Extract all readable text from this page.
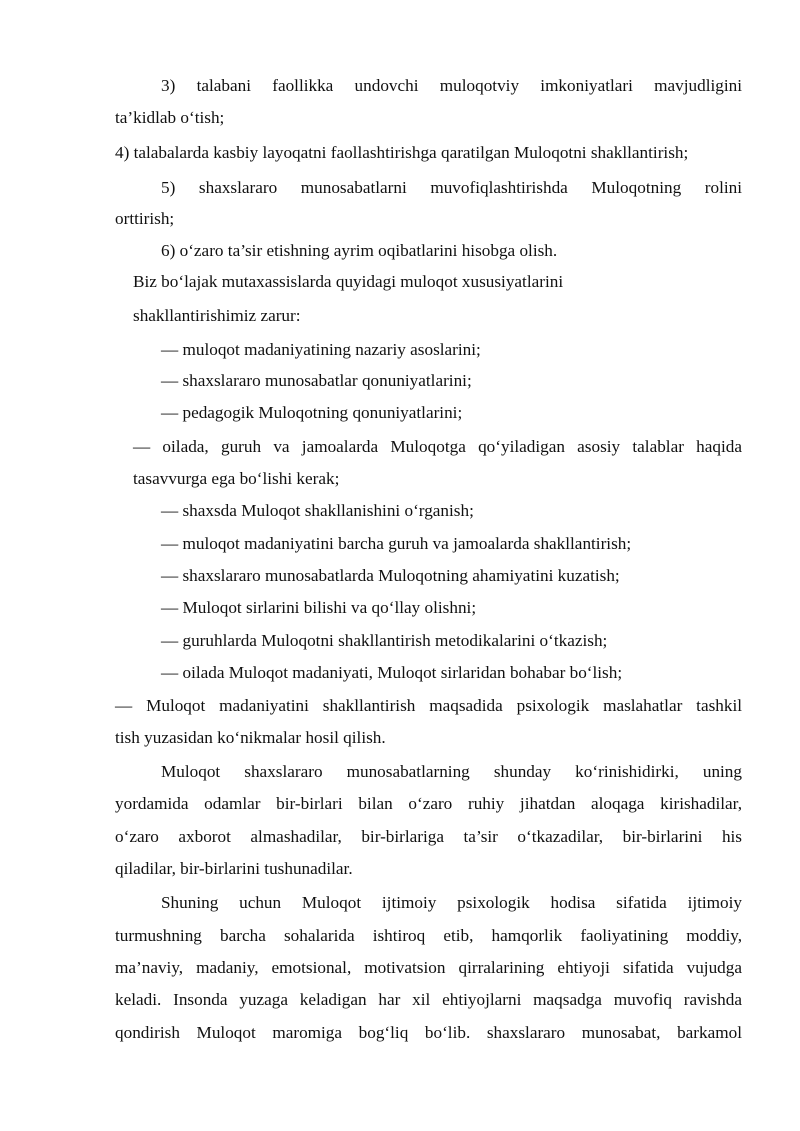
3) talabani faollikka undovchi muloqotviy imkoniyatlari mavjudligini
ta’kidlab o‘tish;
4) talabalarda kasbiy layoqatni faollashtirishga qaratilgan Muloqotni shakllantirish;
5) shaxslararo munosabatlarni muvofiqlashtirishda Muloqotning rolini
orttirish;
6) o‘zaro ta’sir etishning ayrim oqibatlarini hisobga olish.
Biz bo‘lajak mutaxassislarda quyidagi muloqot xususiyatlarini
shakllantirishimiz zarur:
— muloqot madaniyatining nazariy asoslarini;
— shaxslararo munosabatlar qonuniyatlarini;
— pedagogik Muloqotning qonuniyatlarini;
— oilada, guruh va jamoalarda Muloqotga qo‘yiladigan asosiy talablar haqida
tasavvurga ega bo‘lishi kerak;
— shaxsda Muloqot shakllanishini o‘rganish;
— muloqot madaniyatini barcha guruh va jamoalarda shakllantirish;
— shaxslararo munosabatlarda Muloqotning ahamiyatini kuzatish;
— Muloqot sirlarini bilishi va qo‘llay olishni;
— guruhlarda Muloqotni shakllantirish metodikalarini o‘tkazish;
— oilada Muloqot madaniyati, Muloqot sirlaridan bohabar bo‘lish;
— Muloqot madaniyatini shakllantirish maqsadida psixologik maslahatlar tashkil
tish yuzasidan ko‘nikmalar hosil qilish.
Muloqot shaxslararo munosabatlarning shunday ko‘rinishidirki, uning
yordamida odamlar bir-birlari bilan o‘zaro ruhiy jihatdan aloqaga kirishadilar,
o‘zaro axborot almashadilar, bir-birlariga ta’sir o‘tkazadilar, bir-birlarini his
qiladilar, bir-birlarini tushunadilar.
Shuning uchun Muloqot ijtimoiy psixologik hodisa sifatida ijtimoiy
turmushning barcha sohalarida ishtiroq etib, hamqorlik faoliyatining moddiy,
ma’naviy, madaniy, emotsional, motivatsion qirralarining ehtiyoji sifatida vujudga
keladi. Insonda yuzaga keladigan har xil ehtiyojlarni maqsadga muvofiq ravishda
qondirish Muloqot maromiga bog‘liq bo‘lib. shaxslararo munosabat, barkamol
